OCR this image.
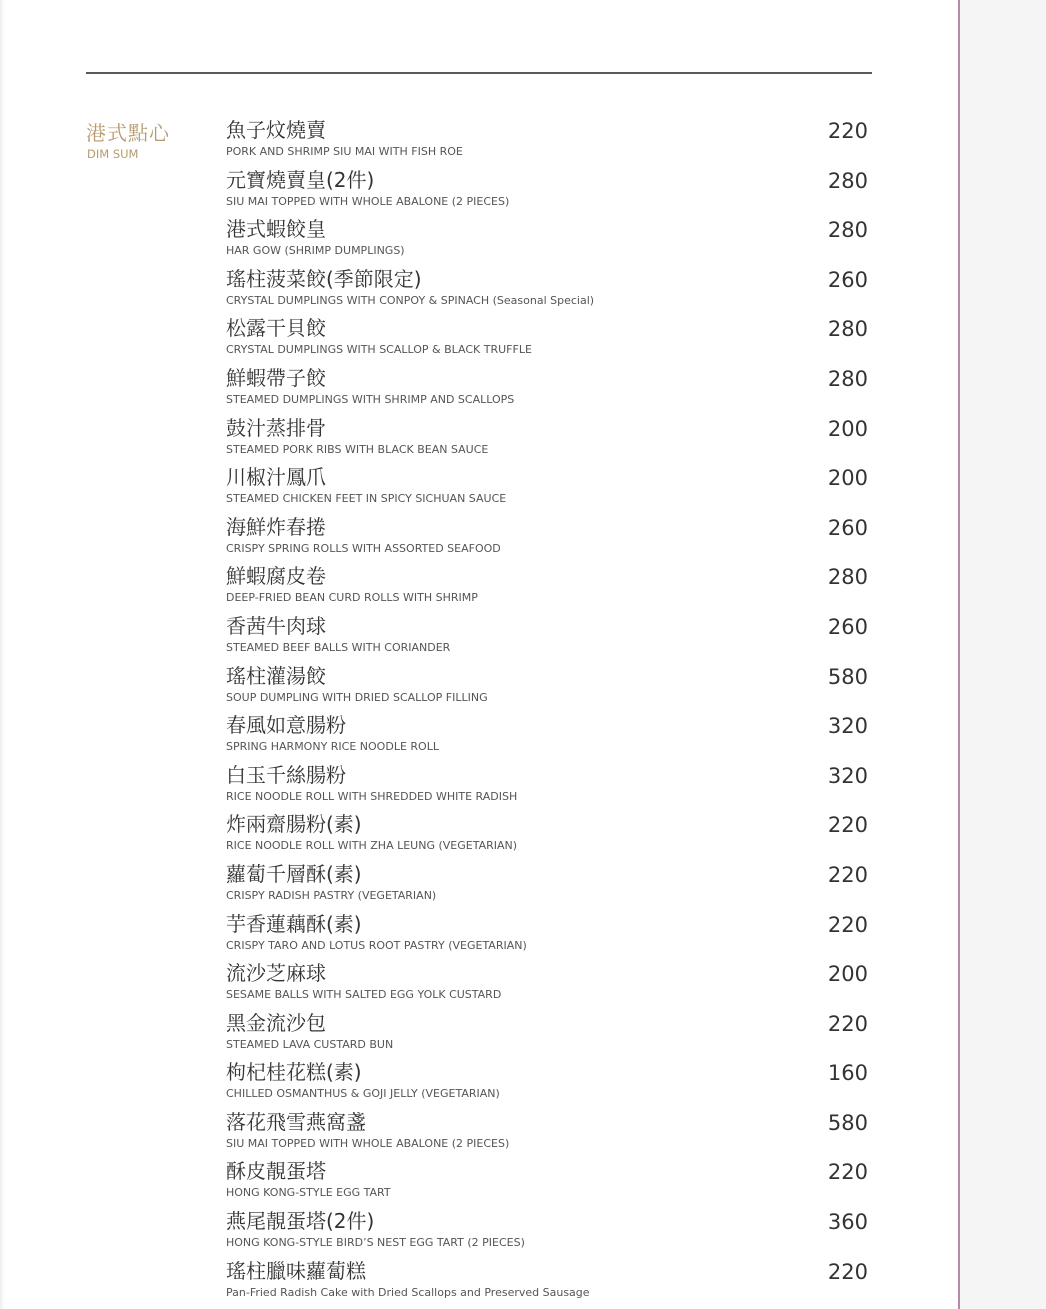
港式點心
DIM SUM
魚子炆燒賣
PORK AND SHRIMP SIU MAI WITH FISH ROE
220
元寶燒賣皇(2件)
SIU MAI TOPPED WITH WHOLE ABALONE (2 PIECES)
280
港式蝦餃皇
HAR GOW (SHRIMP DUMPLINGS)
280
瑤柱菠菜餃(季節限定)
CRYSTAL DUMPLINGS WITH CONPOY & SPINACH (Seasonal Special)
260
松露干貝餃
CRYSTAL DUMPLINGS WITH SCALLOP & BLACK TRUFFLE
280
鮮蝦帶子餃
STEAMED DUMPLINGS WITH SHRIMP AND SCALLOPS
280
鼓汁蒸排骨
STEAMED PORK RIBS WITH BLACK BEAN SAUCE
200
川椒汁鳳爪
STEAMED CHICKEN FEET IN SPICY SICHUAN SAUCE
200
海鮮炸春捲
CRISPY SPRING ROLLS WITH ASSORTED SEAFOOD
260
鮮蝦腐皮卷
DEEP-FRIED BEAN CURD ROLLS WITH SHRIMP
280
香茜牛肉球
STEAMED BEEF BALLS WITH CORIANDER
260
瑤柱灌湯餃
SOUP DUMPLING WITH DRIED SCALLOP FILLING
580
春風如意腸粉
SPRING HARMONY RICE NOODLE ROLL
320
白玉千絲腸粉
RICE NOODLE ROLL WITH SHREDDED WHITE RADISH
320
炸兩齋腸粉(素)
RICE NOODLE ROLL WITH ZHA LEUNG (VEGETARIAN)
220
蘿蔔千層酥(素)
CRISPY RADISH PASTRY (VEGETARIAN)
220
芋香蓮藕酥(素)
CRISPY TARO AND LOTUS ROOT PASTRY (VEGETARIAN)
220
流沙芝麻球
SESAME BALLS WITH SALTED EGG YOLK CUSTARD
200
黑金流沙包
STEAMED LAVA CUSTARD BUN
220
枸杞桂花糕(素)
CHILLED OSMANTHUS & GOJI JELLY (VEGETARIAN)
160
落花飛雪燕窩盞
SIU MAI TOPPED WITH WHOLE ABALONE (2 PIECES)
580
酥皮靚蛋塔
HONG KONG-STYLE EGG TART
220
燕尾靚蛋塔(2件)
HONG KONG-STYLE BIRD’S NEST EGG TART (2 PIECES)
360
瑤柱臘味蘿蔔糕
Pan-Fried Radish Cake with Dried Scallops and Preserved Sausage
220
